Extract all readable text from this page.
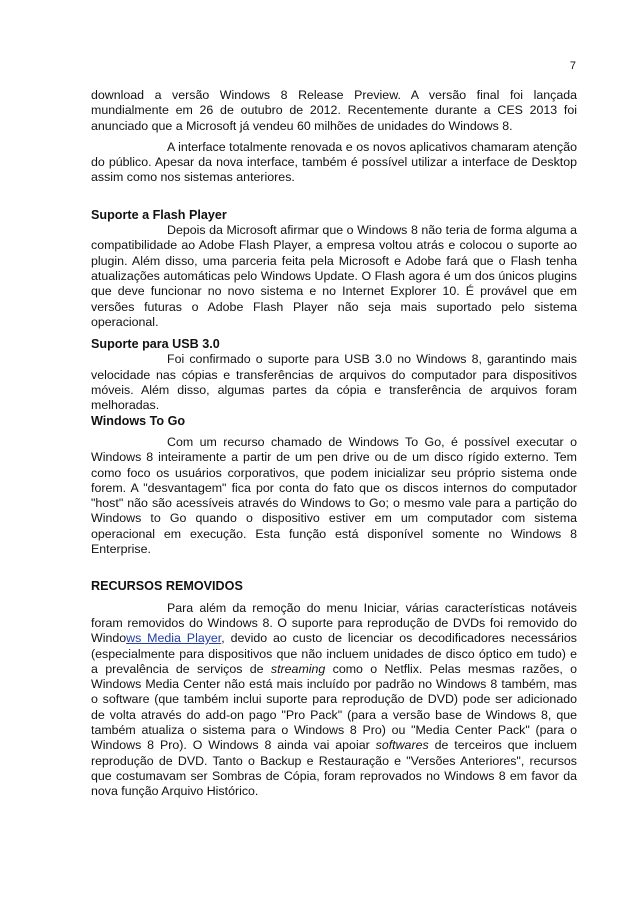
7

download a versão Windows 8 Release Preview. A versão final foi lançada mundialmente em 26 de outubro de 2012. Recentemente durante a CES 2013 foi anunciado que a Microsoft já vendeu 60 milhões de unidades do Windows 8.

A interface totalmente renovada e os novos aplicativos chamaram atenção do público. Apesar da nova interface, também é possível utilizar a interface de Desktop assim como nos sistemas anteriores.

Suporte a Flash Player

Depois da Microsoft afirmar que o Windows 8 não teria de forma alguma a compatibilidade ao Adobe Flash Player, a empresa voltou atrás e colocou o suporte ao plugin. Além disso, uma parceria feita pela Microsoft e Adobe fará que o Flash tenha atualizações automáticas pelo Windows Update. O Flash agora é um dos únicos plugins que deve funcionar no novo sistema e no Internet Explorer 10. É provável que em versões futuras o Adobe Flash Player não seja mais suportado pelo sistema operacional.

Suporte para USB 3.0

Foi confirmado o suporte para USB 3.0 no Windows 8, garantindo mais velocidade nas cópias e transferências de arquivos do computador para dispositivos móveis. Além disso, algumas partes da cópia e transferência de arquivos foram melhoradas.

Windows To Go

Com um recurso chamado de Windows To Go, é possível executar o Windows 8 inteiramente a partir de um pen drive ou de um disco rígido externo. Tem como foco os usuários corporativos, que podem inicializar seu próprio sistema onde forem. A "desvantagem" fica por conta do fato que os discos internos do computador "host" não são acessíveis através do Windows to Go; o mesmo vale para a partição do Windows to Go quando o dispositivo estiver em um computador com sistema operacional em execução. Esta função está disponível somente no Windows 8 Enterprise.

RECURSOS REMOVIDOS

Para além da remoção do menu Iniciar, várias características notáveis foram removidos do Windows 8. O suporte para reprodução de DVDs foi removido do Windows Media Player, devido ao custo de licenciar os decodificadores necessários (especialmente para dispositivos que não incluem unidades de disco óptico em tudo) e a prevalência de serviços de streaming como o Netflix. Pelas mesmas razões, o Windows Media Center não está mais incluído por padrão no Windows 8 também, mas o software (que também inclui suporte para reprodução de DVD) pode ser adicionado de volta através do add-on pago "Pro Pack" (para a versão base de Windows 8, que também atualiza o sistema para o Windows 8 Pro) ou "Media Center Pack" (para o Windows 8 Pro). O Windows 8 ainda vai apoiar softwares de terceiros que incluem reprodução de DVD. Tanto o Backup e Restauração e "Versões Anteriores", recursos que costumavam ser Sombras de Cópia, foram reprovados no Windows 8 em favor da nova função Arquivo Histórico.
